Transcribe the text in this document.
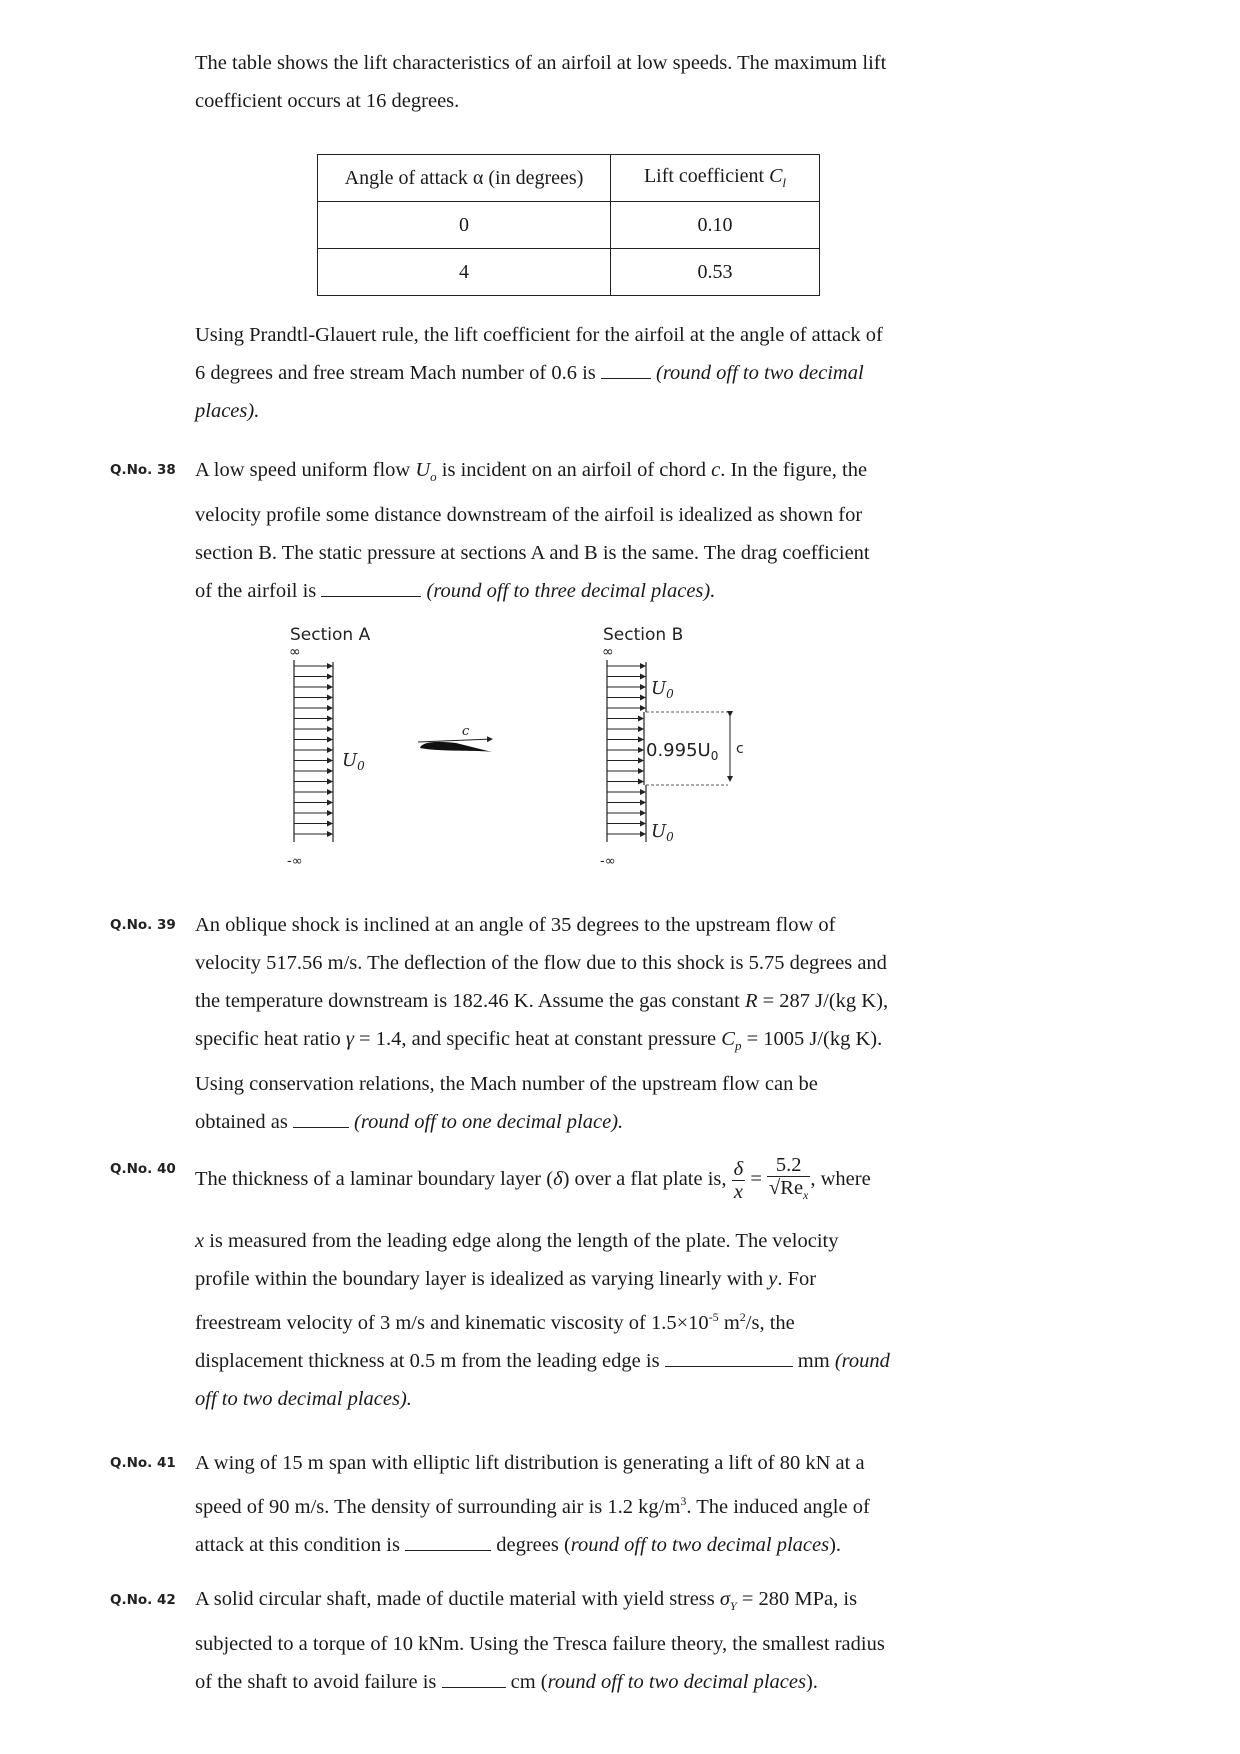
The table shows the lift characteristics of an airfoil at low speeds. The maximum lift
coefficient occurs at 16 degrees.
Angle of attack α (in degrees)	Lift coefficient $C_l$
0	0.10
4	0.53
Using Prandtl-Glauert rule, the lift coefficient for the airfoil at the angle of attack of
6 degrees and free stream Mach number of 0.6 is	(round off to two decimal
places).
Q.No. 38 A low speed uniform flow $U_o$ is incident on an airfoil of chord c. In the figure, the
velocity profile some distance downstream of the airfoil is idealized as shown for
section B. The static pressure at sections A and B is the same. The drag coefficient
of the airfoil is	(round off to three decimal places).
Section A
∞
$U_0$
-∞
c
Section B
∞
c
$U_0$
$0.995U_0$
$U_0$
-∞
Q.No. 39 An oblique shock is inclined at an angle of 35 degrees to the upstream flow of
velocity 517.56 m/s. The deflection of the flow due to this shock is 5.75 degrees and
the temperature downstream is 182.46 K. Assume the gas constant R = 287 J/(kg K),
specific heat ratio γ = 1.4, and specific heat at constant pressure $C_p = 1005$ J/(kg K).
Using conservation relations, the Mach number of the upstream flow can be
obtained as	(round off to one decimal place).
Q.No. 40 The thickness of a laminar boundary layer (δ) over a flat plate is, $\frac{\delta}{x} = \frac{5.2}{√Re_x}$ , where
x is measured from the leading edge along the length of the plate. The velocity
profile within the boundary layer is idealized as varying linearly with y. For
freestream velocity of 3 m/s and kinematic viscosity of $1.5\times 10^{-5}$ $m^2/s$, the
displacement thickness at 0.5 m from the leading edge is	mm (round
off to two decimal places).
Q.No. 41 A wing of 15 m span with elliptic lift distribution is generating a lift of 80 kN at a
speed of 90 m/s. The density of surrounding air is 1.2 $kg/m^3$. The induced angle of
attack at this condition is	degrees (round off to two decimal places).
Q.No. 42 A solid circular shaft, made of ductile material with yield stress $\sigma_Y = 280$ MPa, is
subjected to a torque of 10 kNm. Using the Tresca failure theory, the smallest radius
of the shaft to avoid failure is	cm (round off to two decimal places).
